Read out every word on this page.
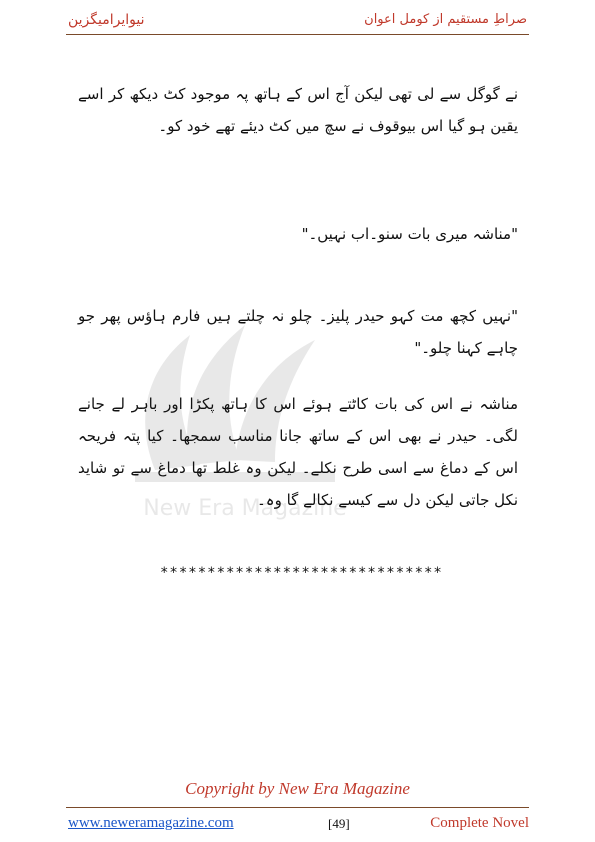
نیوایرامیگزین	صراطِ مستقیم از کومل اعوان
New Era Magazine

نے گوگل سے لی تھی لیکن آج اس کے ہاتھ پہ موجود کٹ دیکھ کر اسے یقین ہو گیا اس بیوقوف نے سچ میں کٹ دیئے تھے خود کو۔

"مناشہ میری بات سنو۔اب نہیں۔"

"نہیں کچھ مت کہو حیدر پلیز۔ چلو نہ چلتے ہیں فارم ہاؤس پھر جو چاہے کہنا چلو۔"

مناشہ نے اس کی بات کاٹتے ہوئے اس کا ہاتھ پکڑا اور باہر لے جانے لگی۔ حیدر نے بھی اس کے ساتھ جانا مناسب سمجھا۔ کیا پتہ فریحہ اس کے دماغ سے اسی طرح نکلے۔ لیکن وہ غلط تھا دماغ سے تو شاید نکل جاتی لیکن دل سے کیسے نکالے گا وہ۔

******************************
Copyright by New Era Magazine
www.neweramagazine.com	[49]	Complete Novel
